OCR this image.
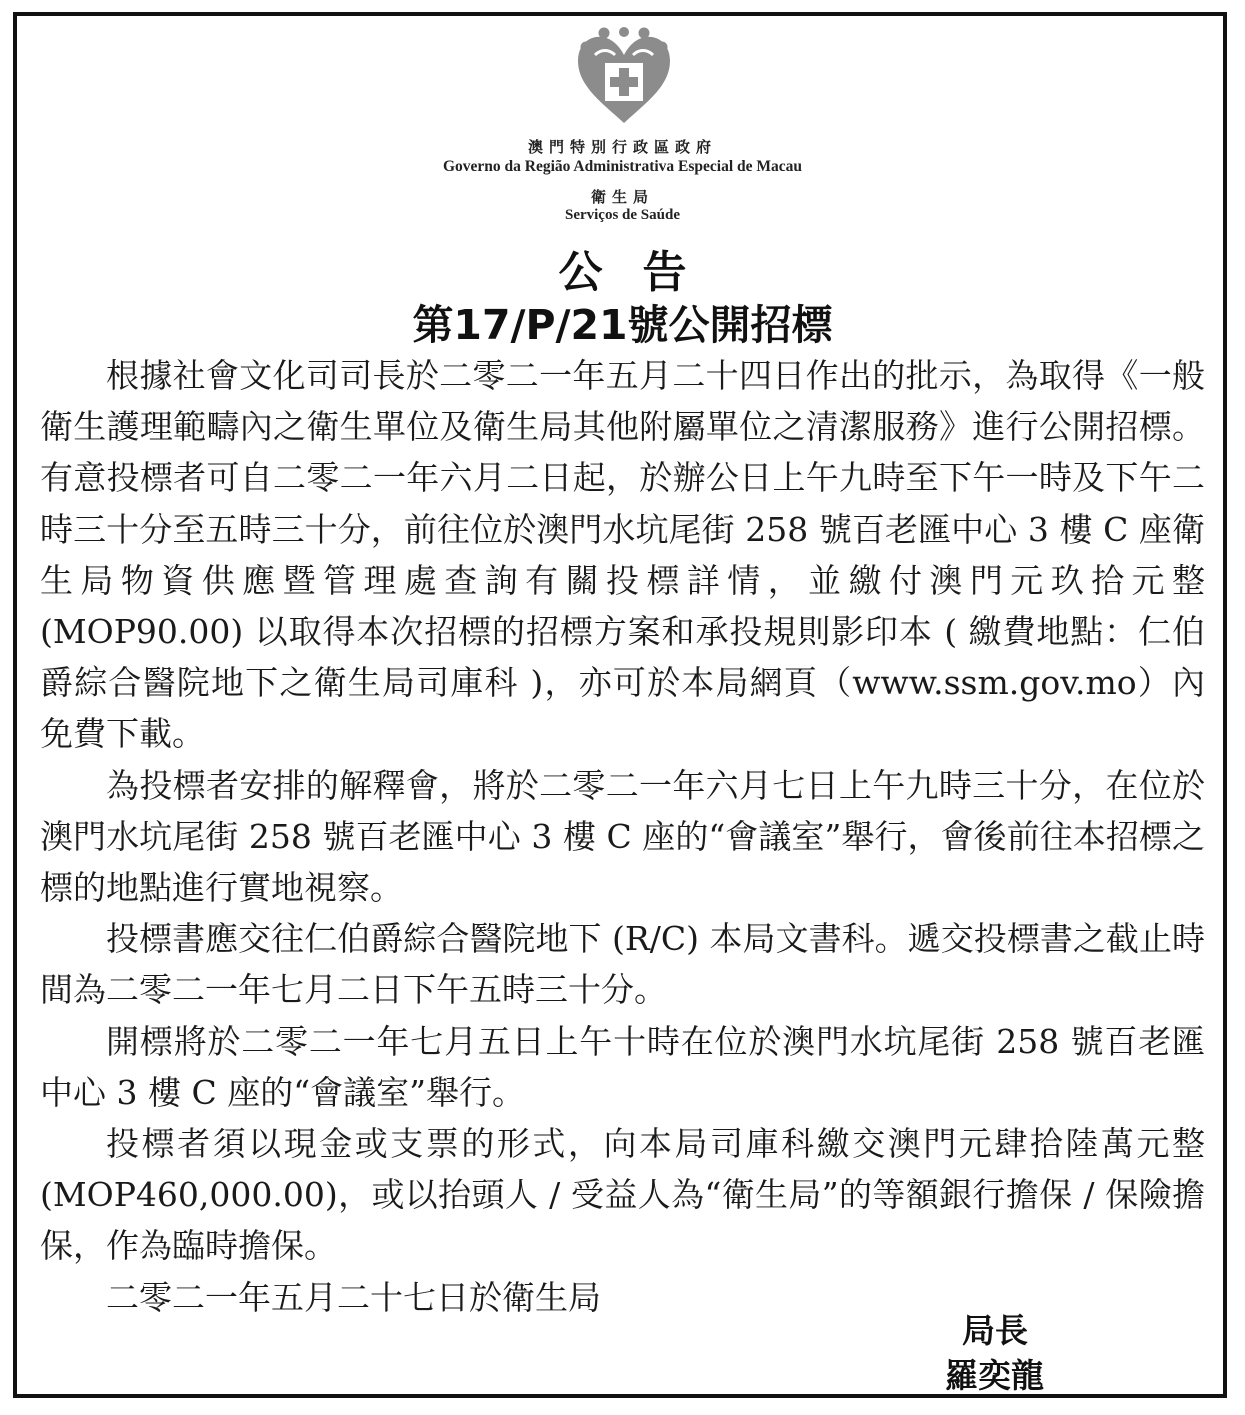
澳門特別行政區政府
Governo da Região Administrativa Especial de Macau
衛生局
Serviços de Saúde
公告
第17/P/21號公開招標

根據社會文化司司長於二零二一年五月二十四日作出的批示，為取得《一般衛生護理範疇內之衛生單位及衛生局其他附屬單位之清潔服務》進行公開招標。有意投標者可自二零二一年六月二日起，於辦公日上午九時至下午一時及下午二時三十分至五時三十分，前往位於澳門水坑尾街 258 號百老匯中心 3 樓 C 座衛生局物資供應暨管理處查詢有關投標詳情，並繳付澳門元玖拾元整 (MOP90.00) 以取得本次招標的招標方案和承投規則影印本 ( 繳費地點：仁伯爵綜合醫院地下之衛生局司庫科 )，亦可於本局網頁（www.ssm.gov.mo）內免費下載。

為投標者安排的解釋會，將於二零二一年六月七日上午九時三十分，在位於澳門水坑尾街 258 號百老匯中心 3 樓 C 座的“會議室”舉行，會後前往本招標之標的地點進行實地視察。

投標書應交往仁伯爵綜合醫院地下 (R/C) 本局文書科。遞交投標書之截止時間為二零二一年七月二日下午五時三十分。

開標將於二零二一年七月五日上午十時在位於澳門水坑尾街 258 號百老匯中心 3 樓 C 座的“會議室”舉行。

投標者須以現金或支票的形式，向本局司庫科繳交澳門元肆拾陸萬元整 (MOP460,000.00)，或以抬頭人 / 受益人為“衛生局”的等額銀行擔保 / 保險擔保，作為臨時擔保。

二零二一年五月二十七日於衛生局

局長
羅奕龍
